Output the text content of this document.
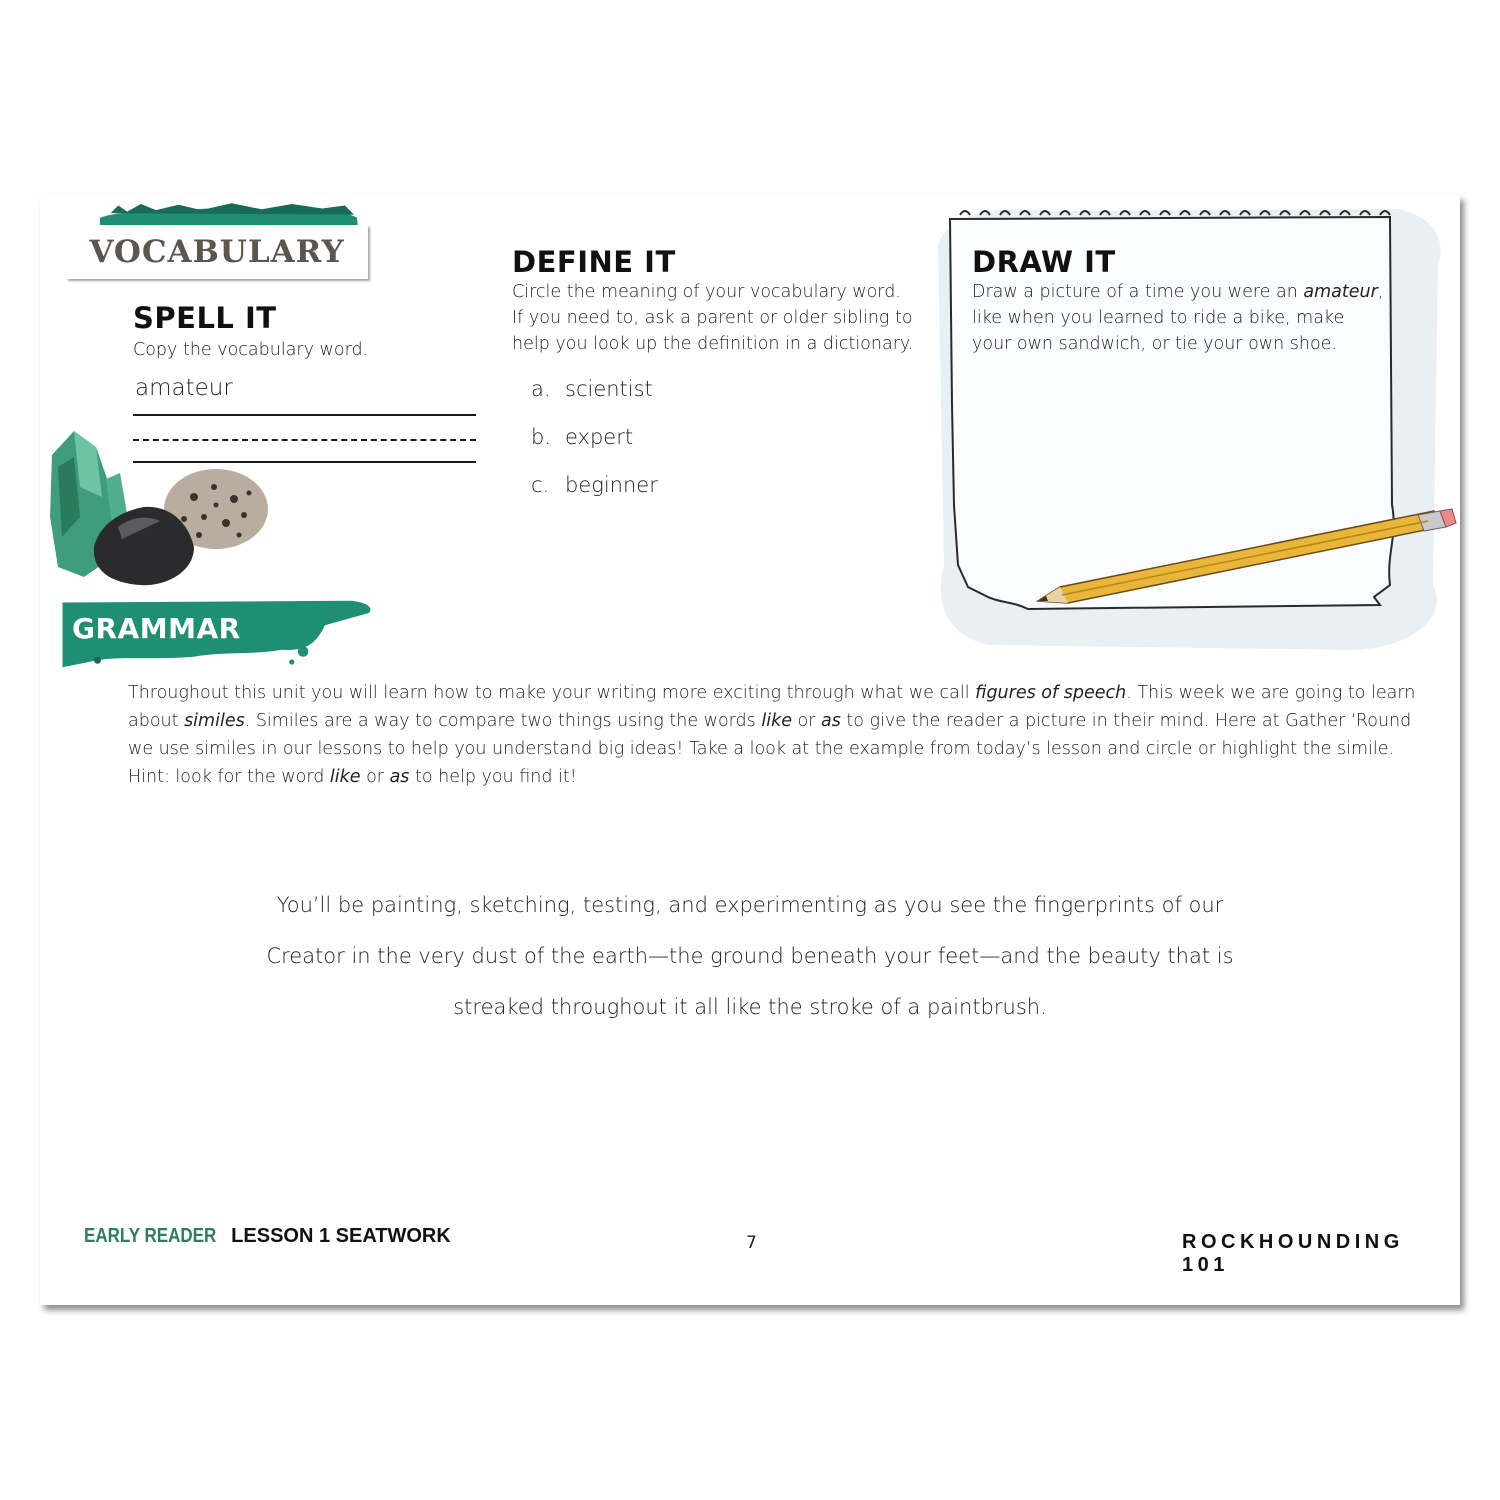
VOCABULARY
SPELL IT
Copy the vocabulary word.
amateur
DEFINE IT
Circle the meaning of your vocabulary word.
If you need to, ask a parent or older sibling to
help you look up the definition in a dictionary.
a. scientist
b. expert
c. beginner
DRAW IT
Draw a picture of a time you were an amateur,
like when you learned to ride a bike, make
your own sandwich, or tie your own shoe.
GRAMMAR
Throughout this unit you will learn how to make your writing more exciting through what we call figures of speech. This week we are going to learn about similes. Similes are a way to compare two things using the words like or as to give the reader a picture in their mind. Here at Gather ‘Round we use similes in our lessons to help you understand big ideas! Take a look at the example from today’s lesson and circle or highlight the simile. Hint: look for the word like or as to help you find it!
You’ll be painting, sketching, testing, and experimenting as you see the fingerprints of our
Creator in the very dust of the earth—the ground beneath your feet—and the beauty that is
streaked throughout it all like the stroke of a paintbrush.
EARLY READER LESSON 1 SEATWORK	7	ROCKHOUNDING 101
